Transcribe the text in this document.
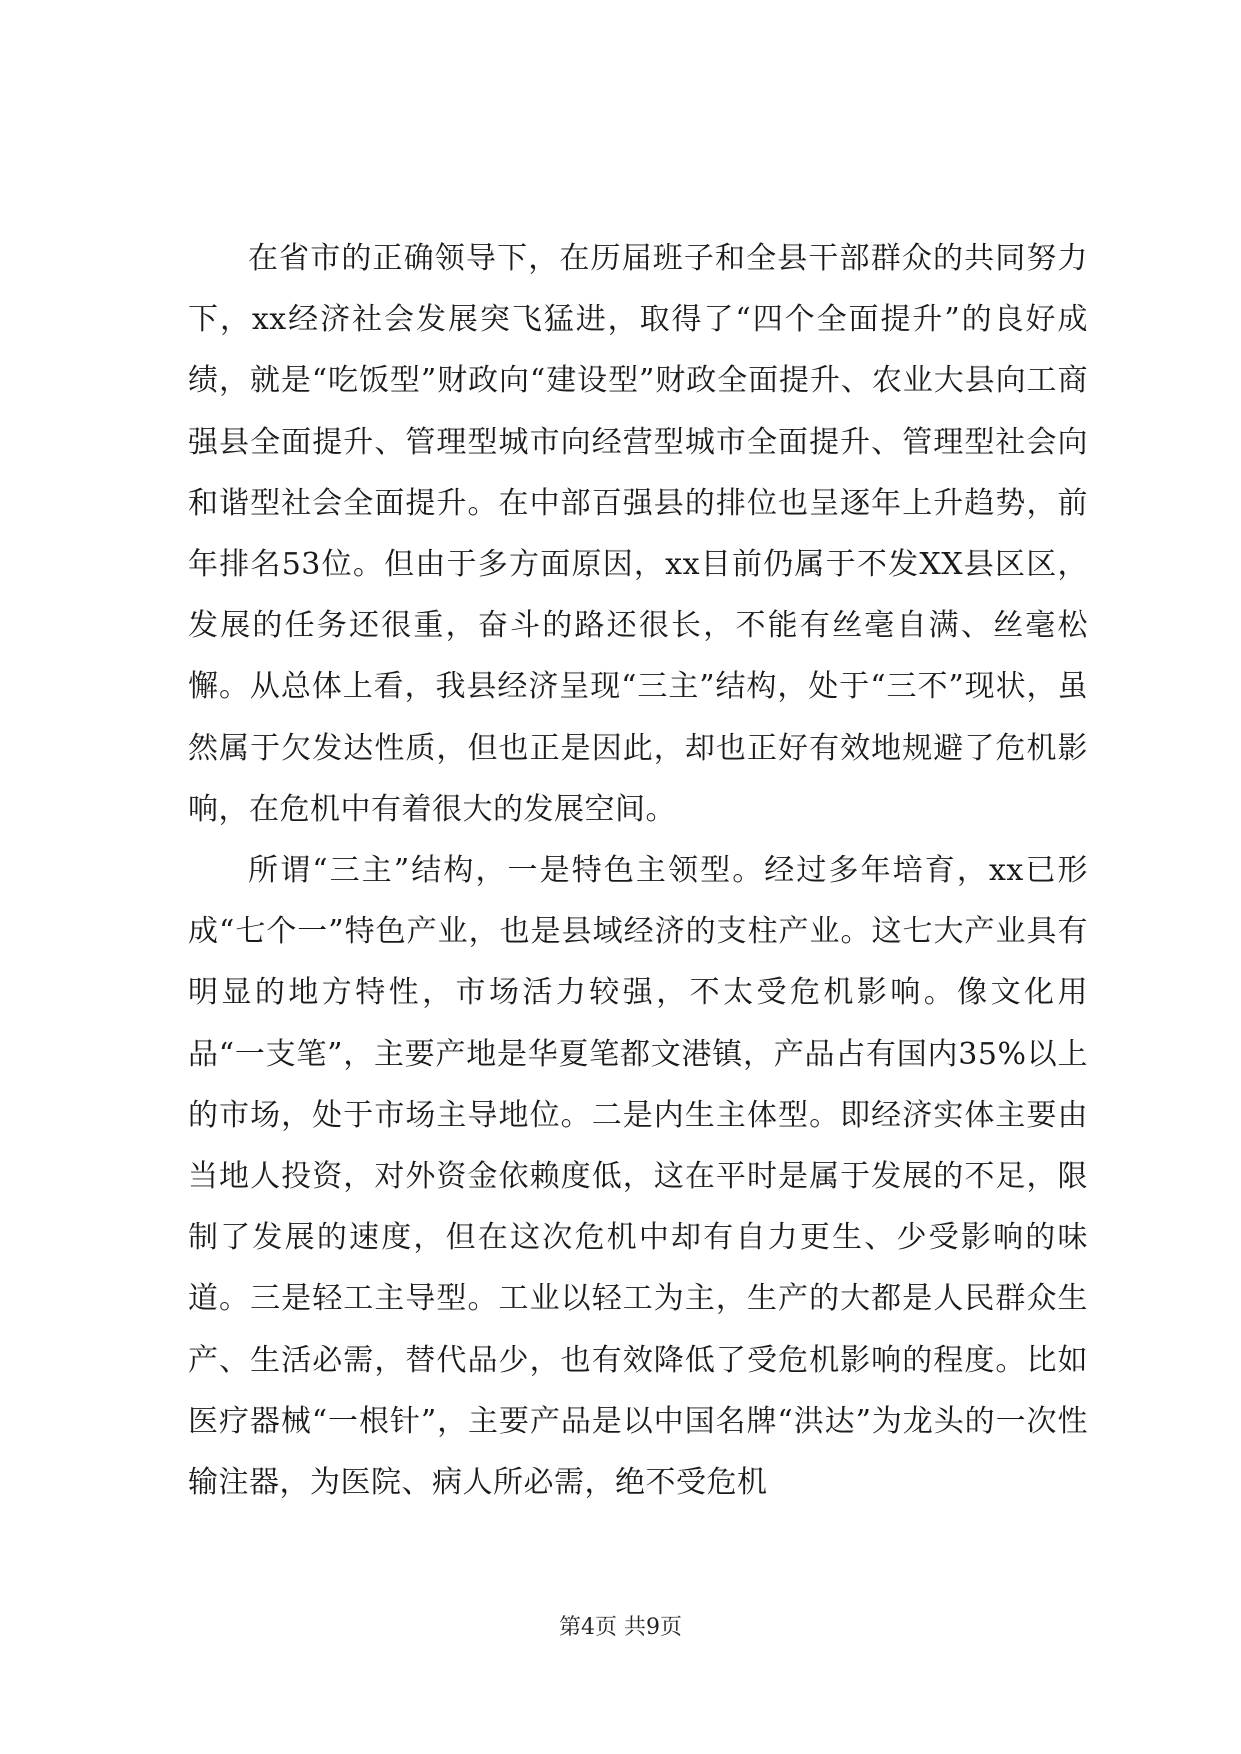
在省市的正确领导下，在历届班子和全县干部群众的共同努力下，xx经济社会发展突飞猛进，取得了“四个全面提升”的良好成绩，就是“吃饭型”财政向“建设型”财政全面提升、农业大县向工商强县全面提升、管理型城市向经营型城市全面提升、管理型社会向和谐型社会全面提升。在中部百强县的排位也呈逐年上升趋势，前年排名53位。但由于多方面原因，xx目前仍属于不发XX县区区，发展的任务还很重，奋斗的路还很长，不能有丝毫自满、丝毫松懈。从总体上看，我县经济呈现“三主”结构，处于“三不”现状，虽然属于欠发达性质，但也正是因此，却也正好有效地规避了危机影响，在危机中有着很大的发展空间。

所谓“三主”结构，一是特色主领型。经过多年培育，xx已形成“七个一”特色产业，也是县域经济的支柱产业。这七大产业具有明显的地方特性，市场活力较强，不太受危机影响。像文化用品“一支笔”，主要产地是华夏笔都文港镇，产品占有国内35%以上的市场，处于市场主导地位。二是内生主体型。即经济实体主要由当地人投资，对外资金依赖度低，这在平时是属于发展的不足，限制了发展的速度，但在这次危机中却有自力更生、少受影响的味道。三是轻工主导型。工业以轻工为主，生产的大都是人民群众生产、生活必需，替代品少，也有效降低了受危机影响的程度。比如医疗器械“一根针”，主要产品是以中国名牌“洪达”为龙头的一次性输注器，为医院、病人所必需，绝不受危机

第4页 共9页
